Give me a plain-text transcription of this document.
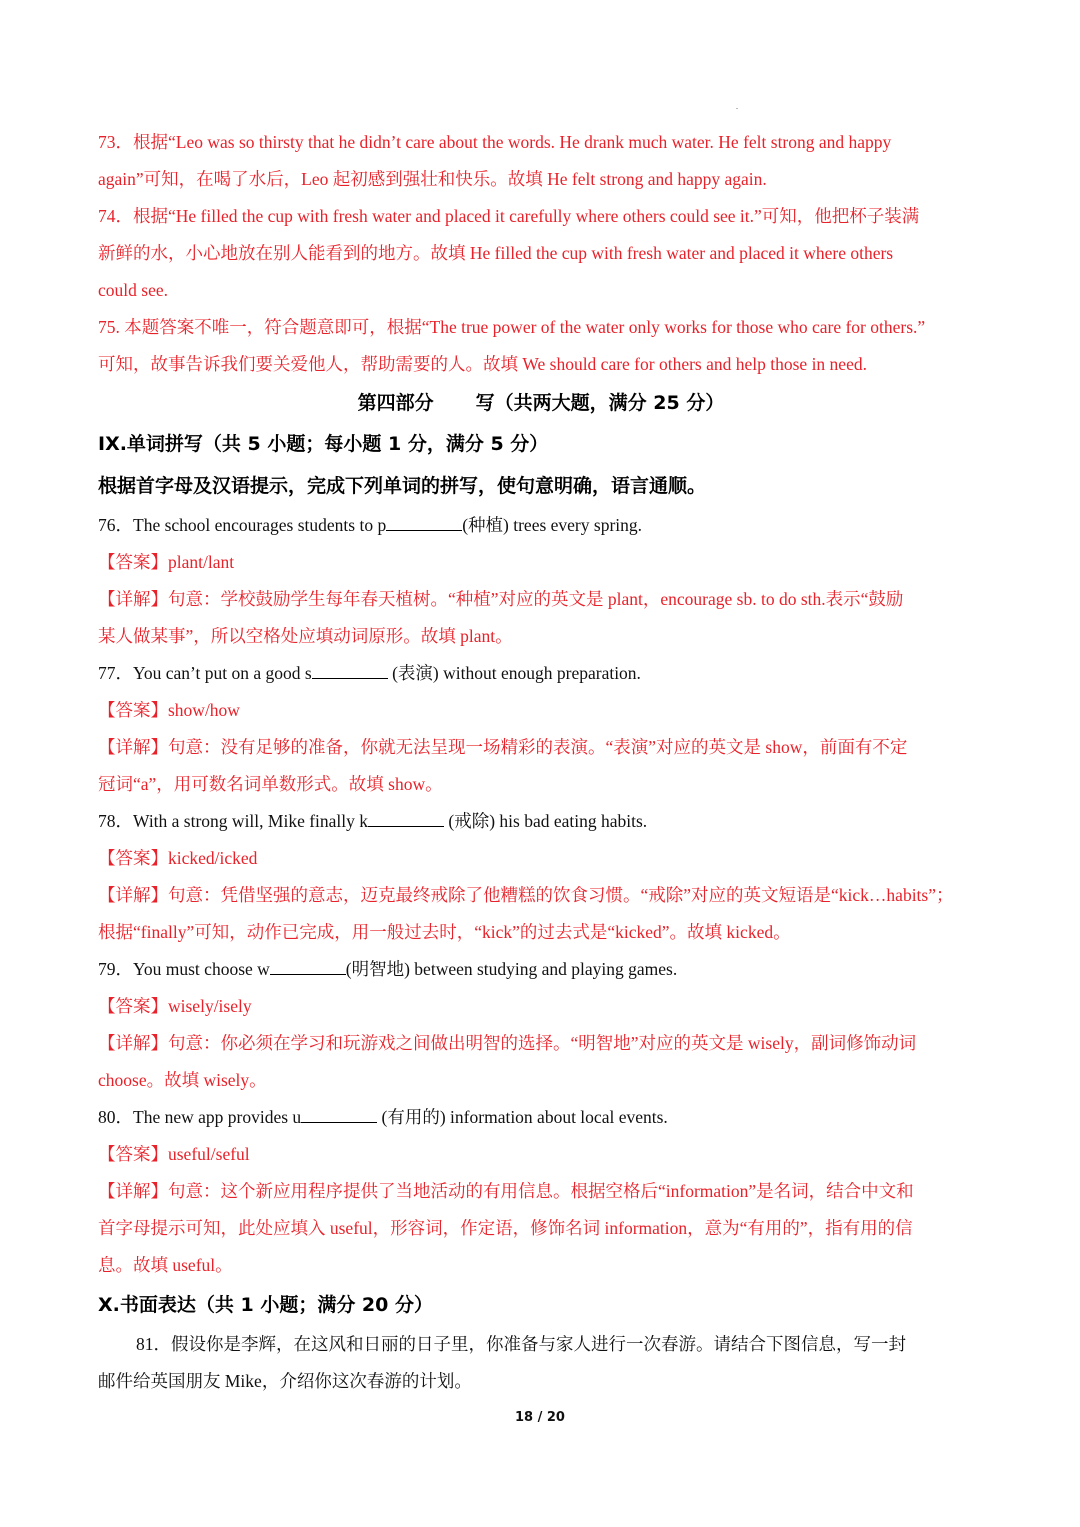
73．根据“Leo was so thirsty that he didn’t care about the words. He drank much water. He felt strong and happy
again”可知，在喝了水后，Leo 起初感到强壮和快乐。故填 He felt strong and happy again.
74．根据“He filled the cup with fresh water and placed it carefully where others could see it.”可知，他把杯子装满
新鲜的水，小心地放在别人能看到的地方。故填 He filled the cup with fresh water and placed it where others
could see.
75. 本题答案不唯一，符合题意即可，根据“The true power of the water only works for those who care for others.”
可知，故事告诉我们要关爱他人，帮助需要的人。故填 We should care for others and help those in need.
第四部分 写（共两大题，满分 25 分）
IX.单词拼写（共 5 小题；每小题 1 分，满分 5 分）
根据首字母及汉语提示，完成下列单词的拼写，使句意明确，语言通顺。
76．The school encourages students to p	(种植) trees every spring.
【答案】plant/lant
【详解】句意：学校鼓励学生每年春天植树。“种植”对应的英文是 plant，encourage sb. to do sth.表示“鼓励
某人做某事”，所以空格处应填动词原形。故填 plant。
77．You can’t put on a good s	(表演) without enough preparation.
【答案】show/how
【详解】句意：没有足够的准备，你就无法呈现一场精彩的表演。“表演”对应的英文是 show，前面有不定
冠词“a”，用可数名词单数形式。故填 show。
78．With a strong will, Mike finally k	(戒除) his bad eating habits.
【答案】kicked/icked
【详解】句意：凭借坚强的意志，迈克最终戒除了他糟糕的饮食习惯。“戒除”对应的英文短语是“kick…habits”；
根据“finally”可知，动作已完成，用一般过去时，“kick”的过去式是“kicked”。故填 kicked。
79．You must choose w	(明智地) between studying and playing games.
【答案】wisely/isely
【详解】句意：你必须在学习和玩游戏之间做出明智的选择。“明智地”对应的英文是 wisely，副词修饰动词
choose。故填 wisely。
80．The new app provides u	(有用的) information about local events.
【答案】useful/seful
【详解】句意：这个新应用程序提供了当地活动的有用信息。根据空格后“information”是名词，结合中文和
首字母提示可知，此处应填入 useful，形容词，作定语，修饰名词 information，意为“有用的”，指有用的信
息。故填 useful。
X.书面表达（共 1 小题；满分 20 分）
81．假设你是李辉，在这风和日丽的日子里，你准备与家人进行一次春游。请结合下图信息，写一封
邮件给英国朋友 Mike，介绍你这次春游的计划。
18 / 20
